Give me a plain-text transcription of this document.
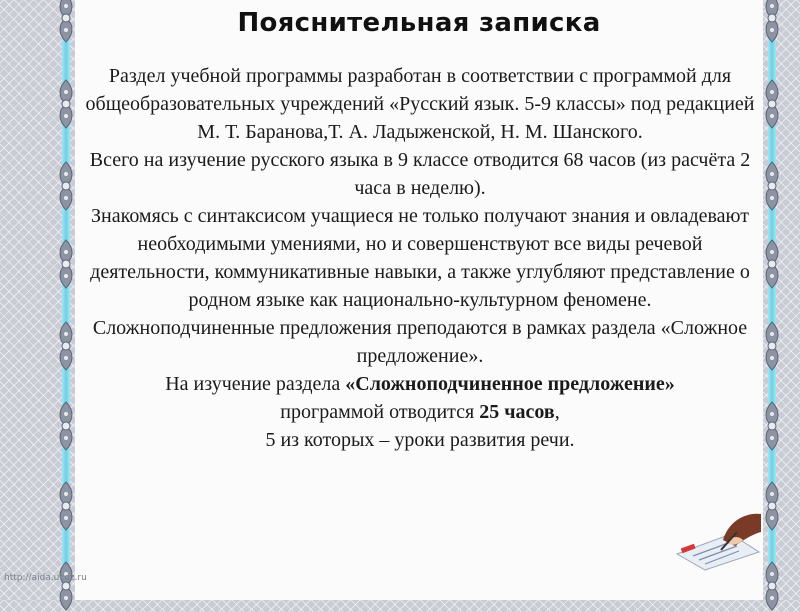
Пояснительная записка

Раздел учебной программы разработан в соответствии с программой для общеобразовательных учреждений «Русский язык. 5-9 классы» под редакцией М. Т. Баранова,Т. А. Ладыженской, Н. М. Шанского.

Всего на изучение русского языка в 9 классе отводится 68 часов (из расчёта 2 часа в неделю).

Знакомясь с синтаксисом учащиеся не только получают знания и овладевают необходимыми умениями, но и совершенствуют все виды речевой деятельности, коммуникативные навыки, а также углубляют представление о родном языке как национально-культурном феномене.

Сложноподчиненные предложения преподаются в рамках раздела «Сложное предложение».

На изучение раздела «Сложноподчиненное предложение»

программой отводится 25 часов,

5 из которых – уроки развития речи.

http://aida.ucoz.ru
